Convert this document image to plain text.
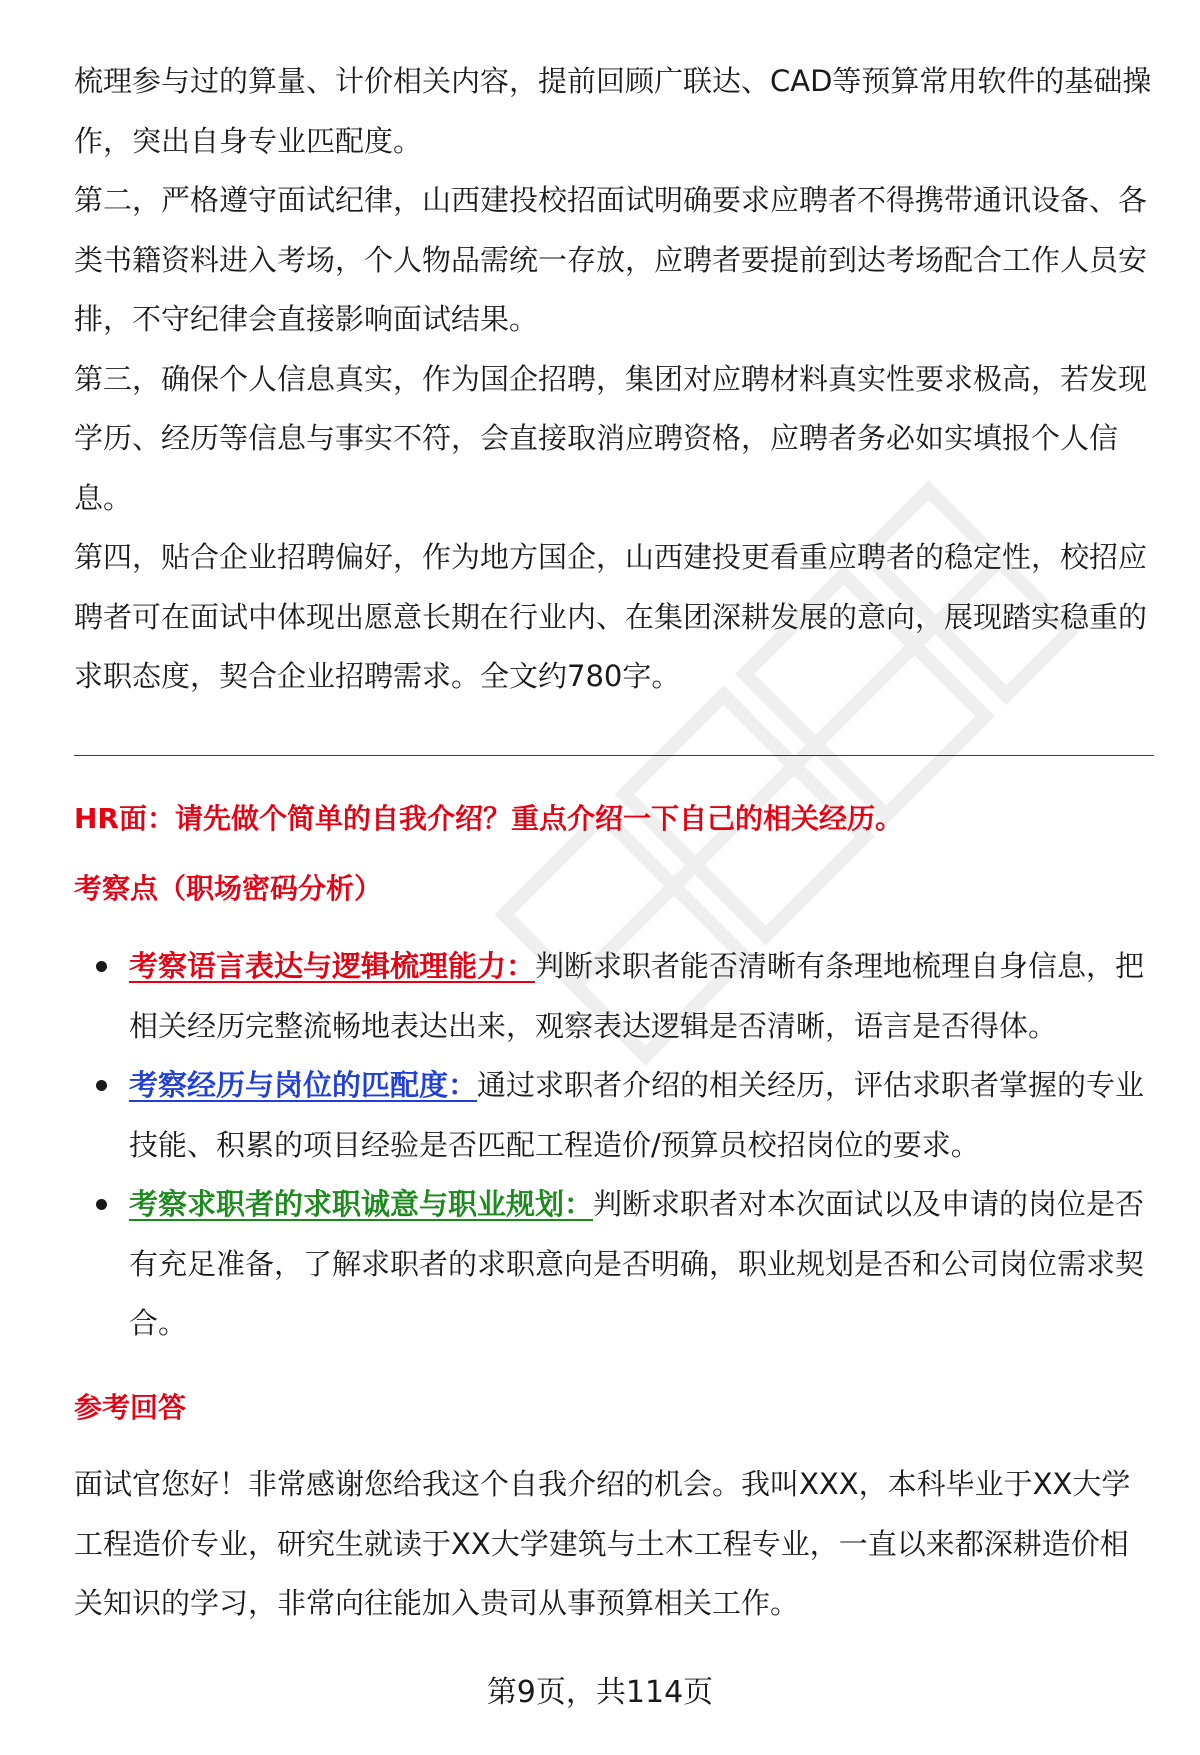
梳理参与过的算量、计价相关内容，提前回顾广联达、CAD等预算常用软件的基础操作，突出自身专业匹配度。

第二，严格遵守面试纪律，山西建投校招面试明确要求应聘者不得携带通讯设备、各类书籍资料进入考场，个人物品需统一存放，应聘者要提前到达考场配合工作人员安排，不守纪律会直接影响面试结果。

第三，确保个人信息真实，作为国企招聘，集团对应聘材料真实性要求极高，若发现学历、经历等信息与事实不符，会直接取消应聘资格，应聘者务必如实填报个人信息。

第四，贴合企业招聘偏好，作为地方国企，山西建投更看重应聘者的稳定性，校招应聘者可在面试中体现出愿意长期在行业内、在集团深耕发展的意向，展现踏实稳重的求职态度，契合企业招聘需求。全文约780字。

HR面：请先做个简单的自我介绍？重点介绍一下自己的相关经历。

考察点（职场密码分析）

考察语言表达与逻辑梳理能力：判断求职者能否清晰有条理地梳理自身信息，把相关经历完整流畅地表达出来，观察表达逻辑是否清晰，语言是否得体。
考察经历与岗位的匹配度：通过求职者介绍的相关经历，评估求职者掌握的专业技能、积累的项目经验是否匹配工程造价/预算员校招岗位的要求。
考察求职者的求职诚意与职业规划：判断求职者对本次面试以及申请的岗位是否有充足准备，了解求职者的求职意向是否明确，职业规划是否和公司岗位需求契合。

参考回答

面试官您好！非常感谢您给我这个自我介绍的机会。我叫XXX，本科毕业于XX大学工程造价专业，研究生就读于XX大学建筑与土木工程专业，一直以来都深耕造价相关知识的学习，非常向往能加入贵司从事预算相关工作。

第9页，共114页
